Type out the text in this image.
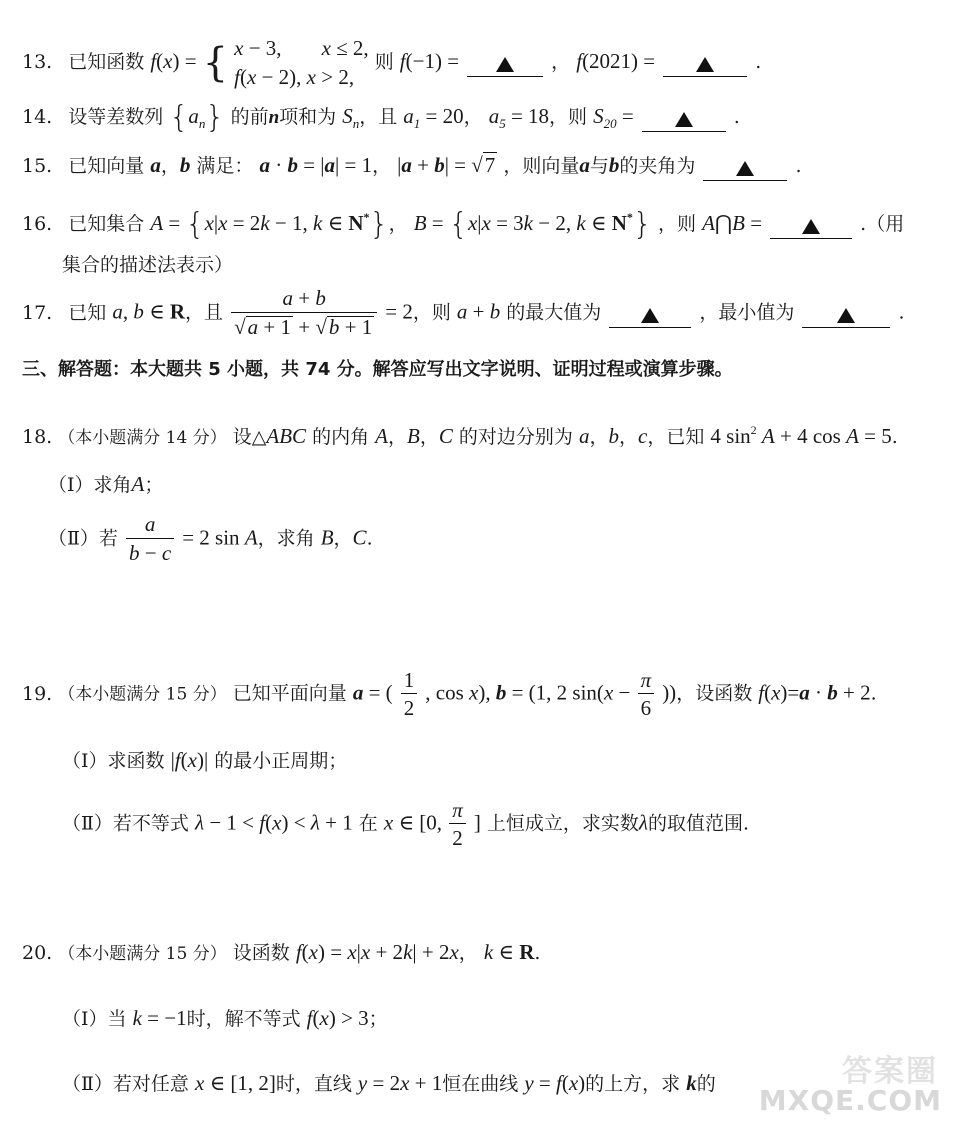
13. 已知函数 f(x) = { x − 3, x ≤ 2,
f(x − 2), x > 2,
则 f(−1) =	， f(2021) =	.
14. 设等差数列 $\{a_n\}$ 的前n项和为 $S_n$，且 $a_1 = 20$， $a_5 = 18$，则 $S_{20}$ =	.
15. 已知向量 a，b 满足： a · b = |a| = 1， |a + b| = √7 ，则向量a与b的夹角为	.
16. 已知集合 A = {x|x = 2k − 1, k ∈ N*}， B = {x|x = 3k − 2, k ∈ N*} ，则 A⋂B =	.（用
集合的描述法表示）
17. 已知 a, b ∈ R，且 $\frac{a + b}{√a + 1 + √b + 1} = 2$，则 a + b 的最大值为	，最小值为	.
三、解答题：本大题共 5 小题，共 74 分。解答应写出文字说明、证明过程或演算步骤。
18. （本小题满分 14 分） 设△ABC 的内角 A，B，C 的对边分别为 a，b，c，已知 4 $\sin^2 A + 4$ cos A = 5.
（Ⅰ）求角A；
（Ⅱ）若 $\frac{a}{b - c} = 2$ sin A，求角 B，C.
19. （本小题满分 15 分） 已知平面向量 a = ( $\frac{1}{2}$ , cos x), b = (1, 2 $\sin(x - \frac{\pi}{6}$ ))，设函数 f(x)=a · b + 2.
（Ⅰ）求函数 |f(x)| 的最小正周期；
（Ⅱ）若不等式 λ − 1 < f(x) < λ + 1 在 x ∈ [0, $\frac{\pi}{2}$ ] 上恒成立，求实数λ的取值范围.
20. （本小题满分 15 分） 设函数 f(x) = x|x + 2k| + 2x， k ∈ R.
（Ⅰ）当 k = −1时，解不等式 f(x) > 3；
（Ⅱ）若对任意 x ∈ [1, 2]时，直线 y = 2x + 1恒在曲线 y = f(x)的上方，求 k的	答案圈
MXQE.COM
